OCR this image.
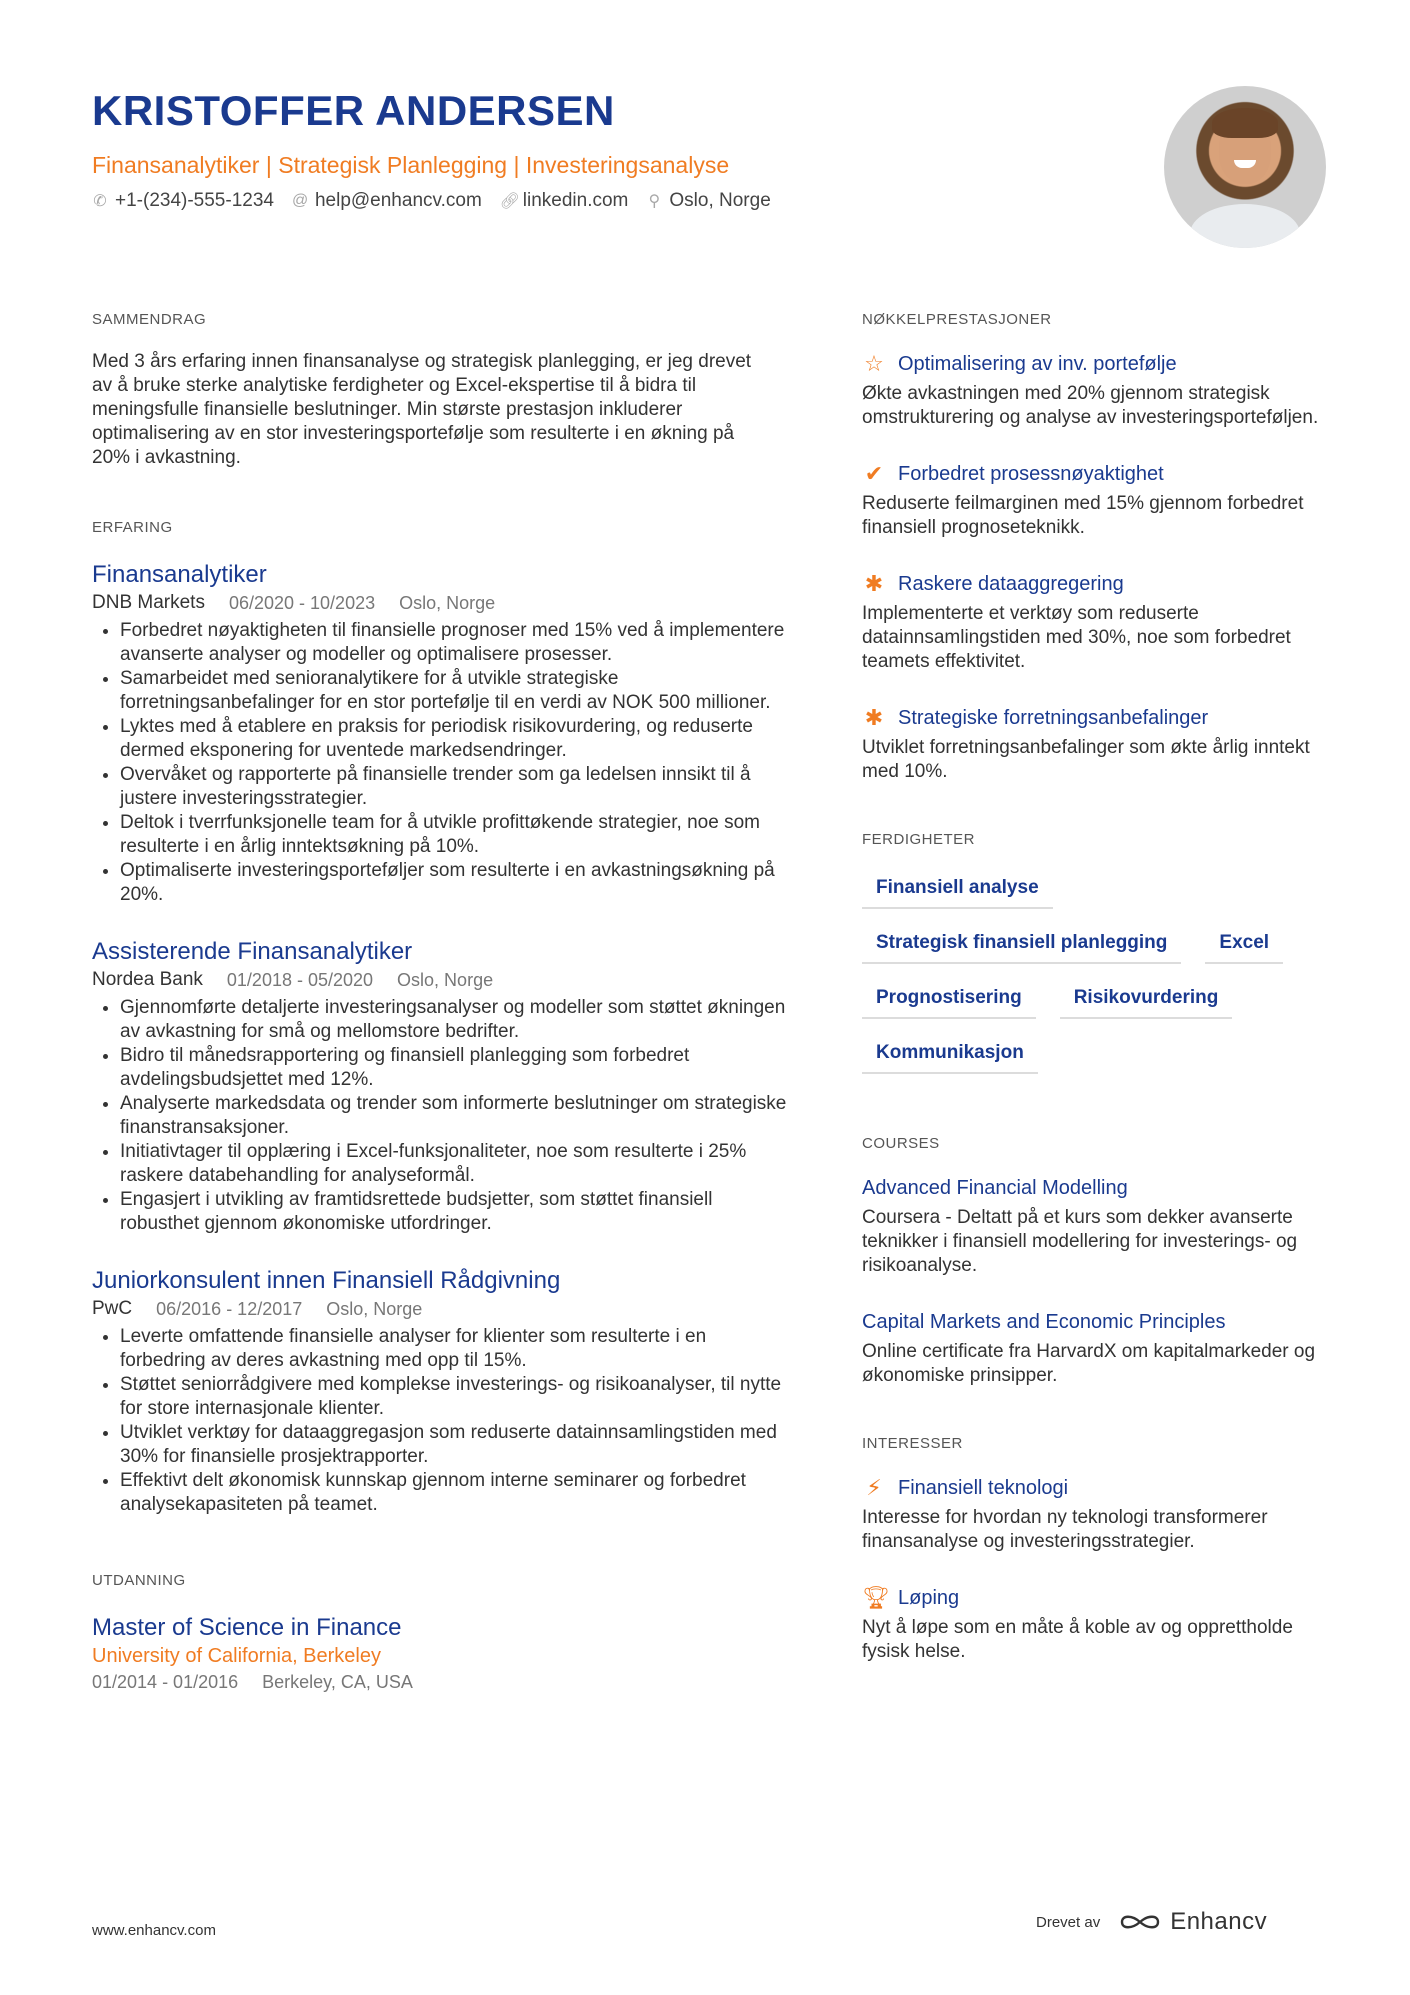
KRISTOFFER ANDERSEN
Finansanalytiker | Strategisk Planlegging | Investeringsanalyse
✆ +1-(234)-555-1234 @ help@enhancv.com 🔗︎ linkedin.com ⚲ Oslo, Norge
SAMMENDRAG

Med 3 års erfaring innen finansanalyse og strategisk planlegging, er jeg drevet av å bruke sterke analytiske ferdigheter og Excel-ekspertise til å bidra til meningsfulle finansielle beslutninger. Min største prestasjon inkluderer optimalisering av en stor investeringsportefølje som resulterte i en økning på 20% i avkastning.

ERFARING
Finansanalytiker
DNB Markets 06/2020 - 10/2023 Oslo, Norge
• Forbedret nøyaktigheten til finansielle prognoser med 15% ved å implementere avanserte analyser og modeller og optimalisere prosesser.
• Samarbeidet med senioranalytikere for å utvikle strategiske forretningsanbefalinger for en stor portefølje til en verdi av NOK 500 millioner.
• Lyktes med å etablere en praksis for periodisk risikovurdering, og reduserte dermed eksponering for uventede markedsendringer.
• Overvåket og rapporterte på finansielle trender som ga ledelsen innsikt til å justere investeringsstrategier.
• Deltok i tverrfunksjonelle team for å utvikle profittøkende strategier, noe som resulterte i en årlig inntektsøkning på 10%.
• Optimaliserte investeringsporteføljer som resulterte i en avkastningsøkning på 20%.
Assisterende Finansanalytiker
Nordea Bank 01/2018 - 05/2020 Oslo, Norge
• Gjennomførte detaljerte investeringsanalyser og modeller som støttet økningen av avkastning for små og mellomstore bedrifter.
• Bidro til månedsrapportering og finansiell planlegging som forbedret avdelingsbudsjettet med 12%.
• Analyserte markedsdata og trender som informerte beslutninger om strategiske finanstransaksjoner.
• Initiativtager til opplæring i Excel-funksjonaliteter, noe som resulterte i 25% raskere databehandling for analyseformål.
• Engasjert i utvikling av framtidsrettede budsjetter, som støttet finansiell robusthet gjennom økonomiske utfordringer.
Juniorkonsulent innen Finansiell Rådgivning
PwC 06/2016 - 12/2017 Oslo, Norge
• Leverte omfattende finansielle analyser for klienter som resulterte i en forbedring av deres avkastning med opp til 15%.
• Støttet seniorrådgivere med komplekse investerings- og risikoanalyser, til nytte for store internasjonale klienter.
• Utviklet verktøy for dataaggregasjon som reduserte datainnsamlingstiden med 30% for finansielle prosjektrapporter.
• Effektivt delt økonomisk kunnskap gjennom interne seminarer og forbedret analysekapasiteten på teamet.
UTDANNING
Master of Science in Finance
University of California, Berkeley
01/2014 - 01/2016 Berkeley, CA, USA
NØKKELPRESTASJONER
☆ Optimalisering av inv. portefølje
Økte avkastningen med 20% gjennom strategisk omstrukturering og analyse av investeringsporteføljen.
✔ Forbedret prosessnøyaktighet
Reduserte feilmarginen med 15% gjennom forbedret finansiell prognoseteknikk.
✱ Raskere dataaggregering
Implementerte et verktøy som reduserte datainnsamlingstiden med 30%, noe som forbedret teamets effektivitet.
✱ Strategiske forretningsanbefalinger
Utviklet forretningsanbefalinger som økte årlig inntekt med 10%.
FERDIGHETER
Finansiell analyse
Strategisk finansiell planlegging	Excel
Prognostisering	Risikovurdering
Kommunikasjon
COURSES
Advanced Financial Modelling
Coursera - Deltatt på et kurs som dekker avanserte teknikker i finansiell modellering for investerings- og risikoanalyse.
Capital Markets and Economic Principles
Online certificate fra HarvardX om kapitalmarkeder og økonomiske prinsipper.
INTERESSER
⚡ Finansiell teknologi
Interesse for hvordan ny teknologi transformerer finansanalyse og investeringsstrategier.
🏆︎ Løping
Nyt å løpe som en måte å koble av og opprettholde fysisk helse.
www.enhancv.com	Drevet av	Enhancv
